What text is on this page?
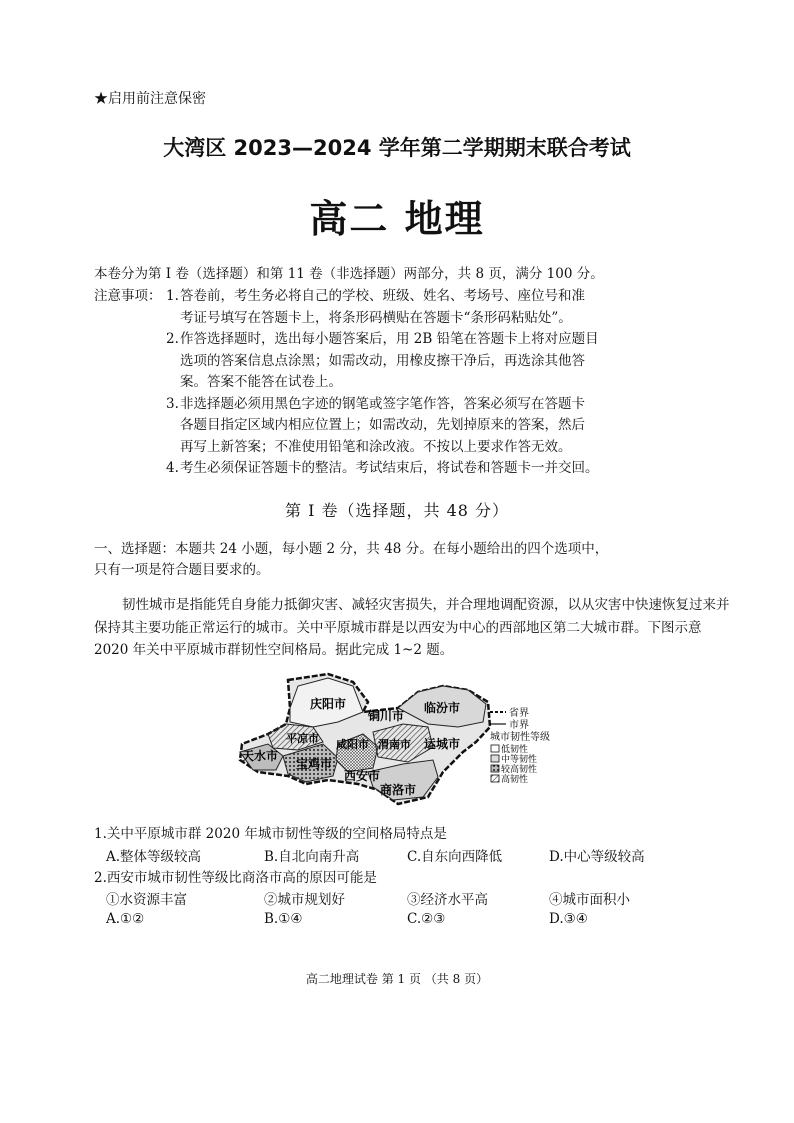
★启用前注意保密
大湾区 2023—2024 学年第二学期期末联合考试
高二 地理
本卷分为第 I 卷（选择题）和第 11 卷（非选择题）两部分，共 8 页，满分 100 分。
注意事项： 1. 答卷前，考生务必将自己的学校、班级、姓名、考场号、座位号和准
考证号填写在答题卡上，将条形码横贴在答题卡“条形码粘贴处”。
2. 作答选择题时，选出每小题答案后，用 2B 铅笔在答题卡上将对应题目
选项的答案信息点涂黑；如需改动，用橡皮擦干净后，再选涂其他答
案。答案不能答在试卷上。
3. 非选择题必须用黑色字迹的钢笔或签字笔作答，答案必须写在答题卡
各题目指定区域内相应位置上；如需改动，先划掉原来的答案，然后
再写上新答案；不准使用铅笔和涂改液。不按以上要求作答无效。
4. 考生必须保证答题卡的整洁。考试结束后，将试卷和答题卡一并交回。
第 I 卷（选择题，共 48 分）
一、选择题：本题共 24 小题，每小题 2 分，共 48 分。在每小题给出的四个选项中，
只有一项是符合题目要求的。
韧性城市是指能凭自身能力抵御灾害、减轻灾害损失，并合理地调配资源，以从灾害中快速恢复过来并保持其主要功能正常运行的城市。关中平原城市群是以西安为中心的西部地区第二大城市群。下图示意 2020 年关中平原城市群韧性空间格局。据此完成 1~2 题。
庆阳市
铜川市
临汾市
平凉市 咸阳市 渭南市 运城市
天水市
宝鸡市
西安市
商洛市
省界
市界
城市韧性等级
低韧性
中等韧性
较高韧性
高韧性
1.关中平原城市群 2020 年城市韧性等级的空间格局特点是
A.整体等级较高	B.自北向南升高	C.自东向西降低	D.中心等级较高
2.西安市城市韧性等级比商洛市高的原因可能是
①水资源丰富	②城市规划好	③经济水平高	④城市面积小
A.①②	B.①④	C.②③	D.③④
高二地理试卷 第 1 页 （共 8 页）
